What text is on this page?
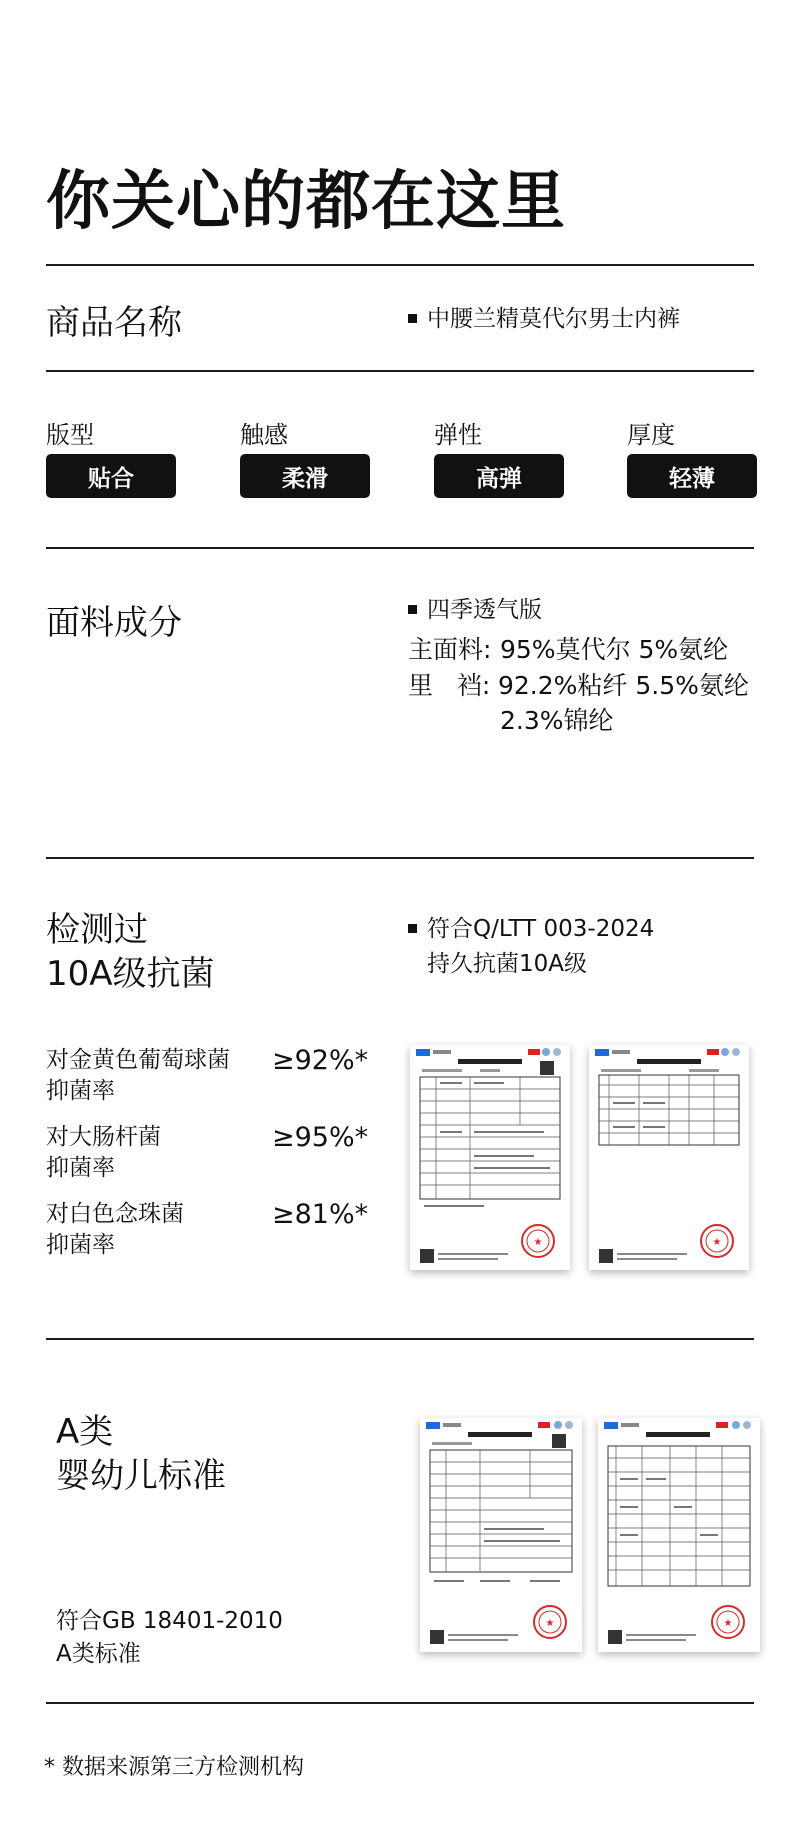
你关心的都在这里
商品名称	中腰兰精莫代尔男士内裤
版型
贴合
触感
柔滑
弹性
高弹
厚度
轻薄
面料成分	四季透气版
主面料: 95%莫代尔 5%氨纶
里   裆: 92.2%粘纤 5.5%氨纶
2.3%锦纶
检测过
10A级抗菌
符合Q/LTT 003-2024
持久抗菌10A级
对金黄色葡萄球菌
抑菌率
≥92%*
对大肠杆菌
抑菌率
≥95%*
对白色念珠菌
抑菌率
≥81%*
★	★
A类
婴幼儿标准
符合GB 18401-2010
A类标准
★	★
* 数据来源第三方检测机构
